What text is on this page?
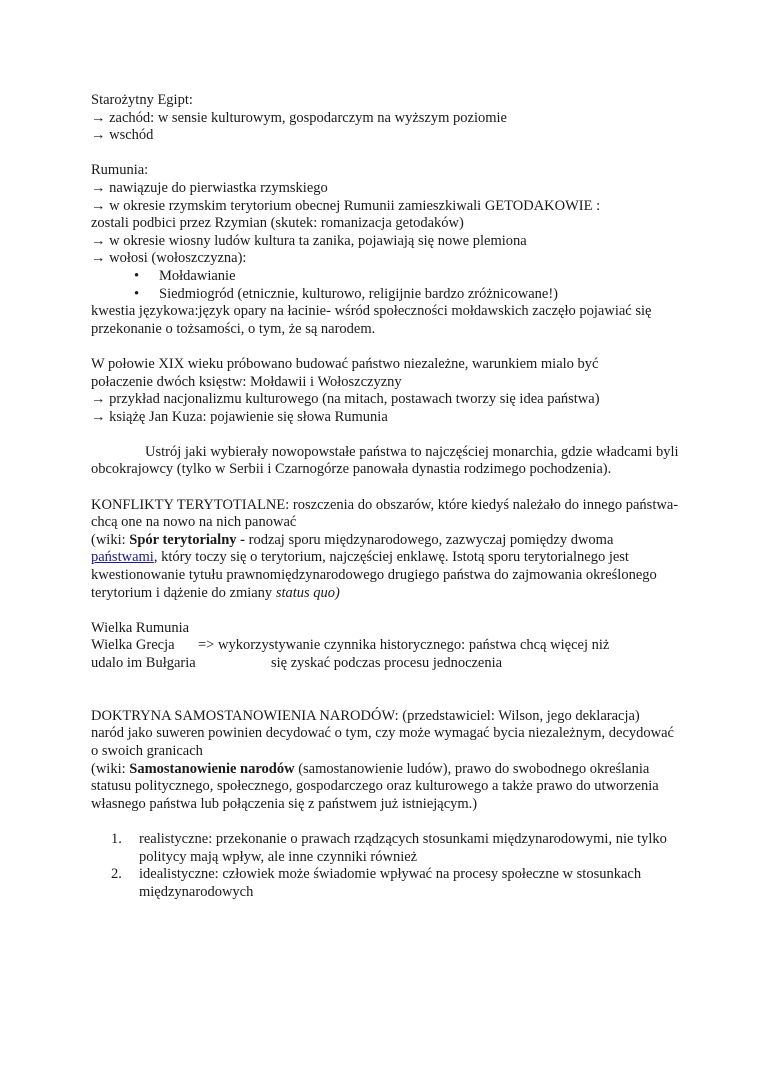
Starożytny Egipt:
→ zachód: w sensie kulturowym, gospodarczym na wyższym poziomie
→ wschód
Rumunia:
→ nawiązuje do pierwiastka rzymskiego
→ w okresie rzymskim terytorium obecnej Rumunii zamieszkiwali GETODAKOWIE :
zostali podbici przez Rzymian (skutek: romanizacja getodaków)
→ w okresie wiosny ludów kultura ta zanika, pojawiają się nowe plemiona
→ wołosi (wołoszczyzna):
• Mołdawianie
• Siedmiogród (etnicznie, kulturowo, religijnie bardzo zróżnicowane!)
kwestia językowa:język opary na łacinie- wśród społeczności mołdawskich zaczęło pojawiać się przekonanie o tożsamości, o tym, że są narodem.
W połowie XIX wieku próbowano budować państwo niezależne, warunkiem mialo być
połaczenie dwóch księstw: Mołdawii i Wołoszczyzny
→ przykład nacjonalizmu kulturowego (na mitach, postawach tworzy się idea państwa)
→ książę Jan Kuza: pojawienie się słowa Rumunia
Ustrój jaki wybierały nowopowstałe państwa to najczęściej monarchia, gdzie władcami byli obcokrajowcy (tylko w Serbii i Czarnogórze panowała dynastia rodzimego pochodzenia).
KONFLIKTY TERYTOTIALNE: roszczenia do obszarów, które kiedyś należało do innego państwa- chcą one na nowo na nich panować
(wiki: Spór terytorialny - rodzaj sporu międzynarodowego, zazwyczaj pomiędzy dwoma państwami, który toczy się o terytorium, najczęściej enklawę. Istotą sporu terytorialnego jest kwestionowanie tytułu prawnomiędzynarodowego drugiego państwa do zajmowania określonego terytorium i dążenie do zmiany status quo)
Wielka Rumunia
Wielka Grecja => wykorzystywanie czynnika historycznego: państwa chcą więcej niż
udalo im Bułgaria	się zyskać podczas procesu jednoczenia
DOKTRYNA SAMOSTANOWIENIA NARODÓW: (przedstawiciel: Wilson, jego deklaracja)
naród jako suweren powinien decydować o tym, czy może wymagać bycia niezależnym, decydować o swoich granicach
(wiki: Samostanowienie narodów (samostanowienie ludów), prawo do swobodnego określania statusu politycznego, społecznego, gospodarczego oraz kulturowego a także prawo do utworzenia własnego państwa lub połączenia się z państwem już istniejącym.)
1. realistyczne: przekonanie o prawach rządzących stosunkami międzynarodowymi, nie tylko politycy mają wpływ, ale inne czynniki również
2. idealistyczne: człowiek może świadomie wpływać na procesy społeczne w stosunkach międzynarodowych
